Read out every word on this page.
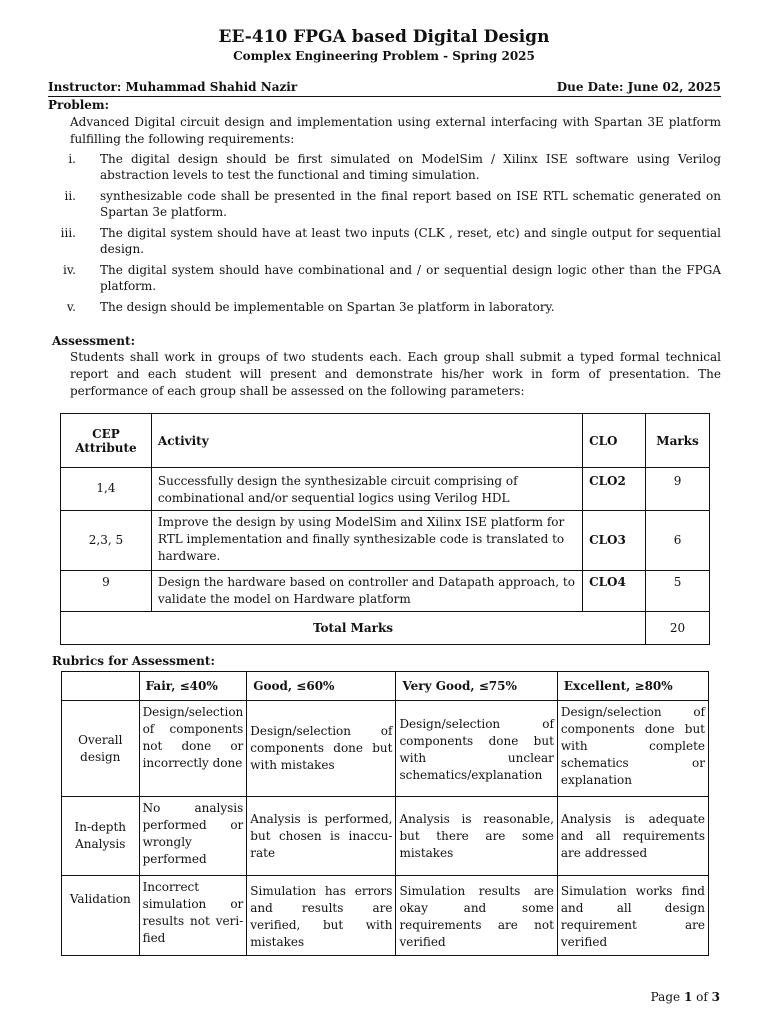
EE-410 FPGA based Digital Design
Complex Engineering Problem - Spring 2025
Instructor: Muhammad Shahid Nazir	Due Date: June 02, 2025
Problem:
Advanced Digital circuit design and implementation using external interfacing with Spartan 3E platform fulfilling the following requirements:
i. The digital design should be first simulated on ModelSim / Xilinx ISE software using Verilog abstraction levels to test the functional and timing simulation.
ii. synthesizable code shall be presented in the final report based on ISE RTL schematic generated on Spartan 3e platform.
iii. The digital system should have at least two inputs (CLK , reset, etc) and single output for sequential design.
iv. The digital system should have combinational and / or sequential design logic other than the FPGA platform.
v. The design should be implementable on Spartan 3e platform in laboratory.
Assessment:
Students shall work in groups of two students each. Each group shall submit a typed formal technical report and each student will present and demonstrate his/her work in form of presentation. The performance of each group shall be assessed on the following parameters:
CEP Attribute	Activity	CLO	Marks
1,4	Successfully design the synthesizable circuit comprising of combinational and/or sequential logics using Verilog HDL	CLO2	9
2,3, 5	Improve the design by using ModelSim and Xilinx ISE platform for RTL implementation and finally synthesizable code is translated to hardware.	CLO3	6
9	Design the hardware based on controller and Datapath approach, to validate the model on Hardware platform	CLO4	5
Total Marks			20
Rubrics for Assessment:
	Fair, ≤40%	Good, ≤60%	Very Good, ≤75%	Excellent, ≥80%
Overall design	Design/selection of components not done or incorrectly done	Design/selection of components done but with mistakes	Design/selection of components done but with unclear schematics/explanation	Design/selection of components done but with complete schematics or explanation
In-depth Analysis	No analysis performed or wrongly performed	Analysis is performed, but chosen is inaccu-rate	Analysis is reasonable, but there are some mistakes	Analysis is adequate and all requirements are addressed
Validation	Incorrect simulation or results not veri-fied	Simulation has errors and results are verified, but with mistakes	Simulation results are okay and some requirements are not verified	Simulation works find and all design requirement are verified
Page 1 of 3
